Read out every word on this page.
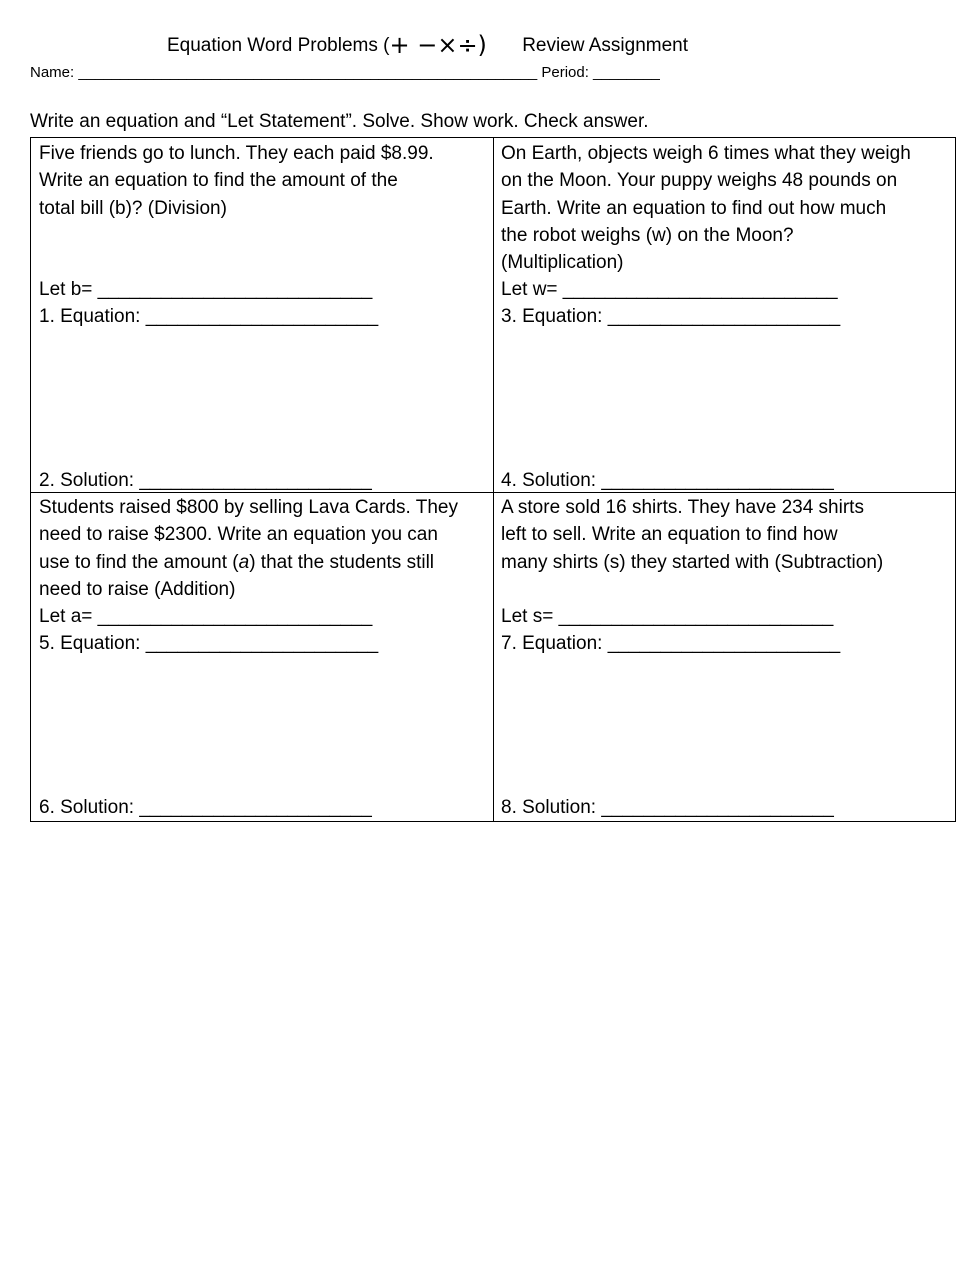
Equation Word Problems (+ −×÷) Review Assignment
Name: _______________________________________________________ Period: ________
Write an equation and “Let Statement”. Solve. Show work. Check answer.
Five friends go to lunch. They each paid $8.99.
Write an equation to find the amount of the
total bill (b)? (Division)
Let b= __________________________
1. Equation: ______________________
2. Solution: ______________________
On Earth, objects weigh 6 times what they weigh
on the Moon. Your puppy weighs 48 pounds on
Earth. Write an equation to find out how much
the robot weighs (w) on the Moon?
(Multiplication)
Let w= __________________________
3. Equation: ______________________
4. Solution: ______________________
Students raised $800 by selling Lava Cards. They
need to raise $2300. Write an equation you can
use to find the amount (a) that the students still
need to raise (Addition)
Let a= __________________________
5. Equation: ______________________
6. Solution: ______________________
A store sold 16 shirts. They have 234 shirts
left to sell. Write an equation to find how
many shirts (s) they started with (Subtraction)
Let s= __________________________
7. Equation: ______________________
8. Solution: ______________________
